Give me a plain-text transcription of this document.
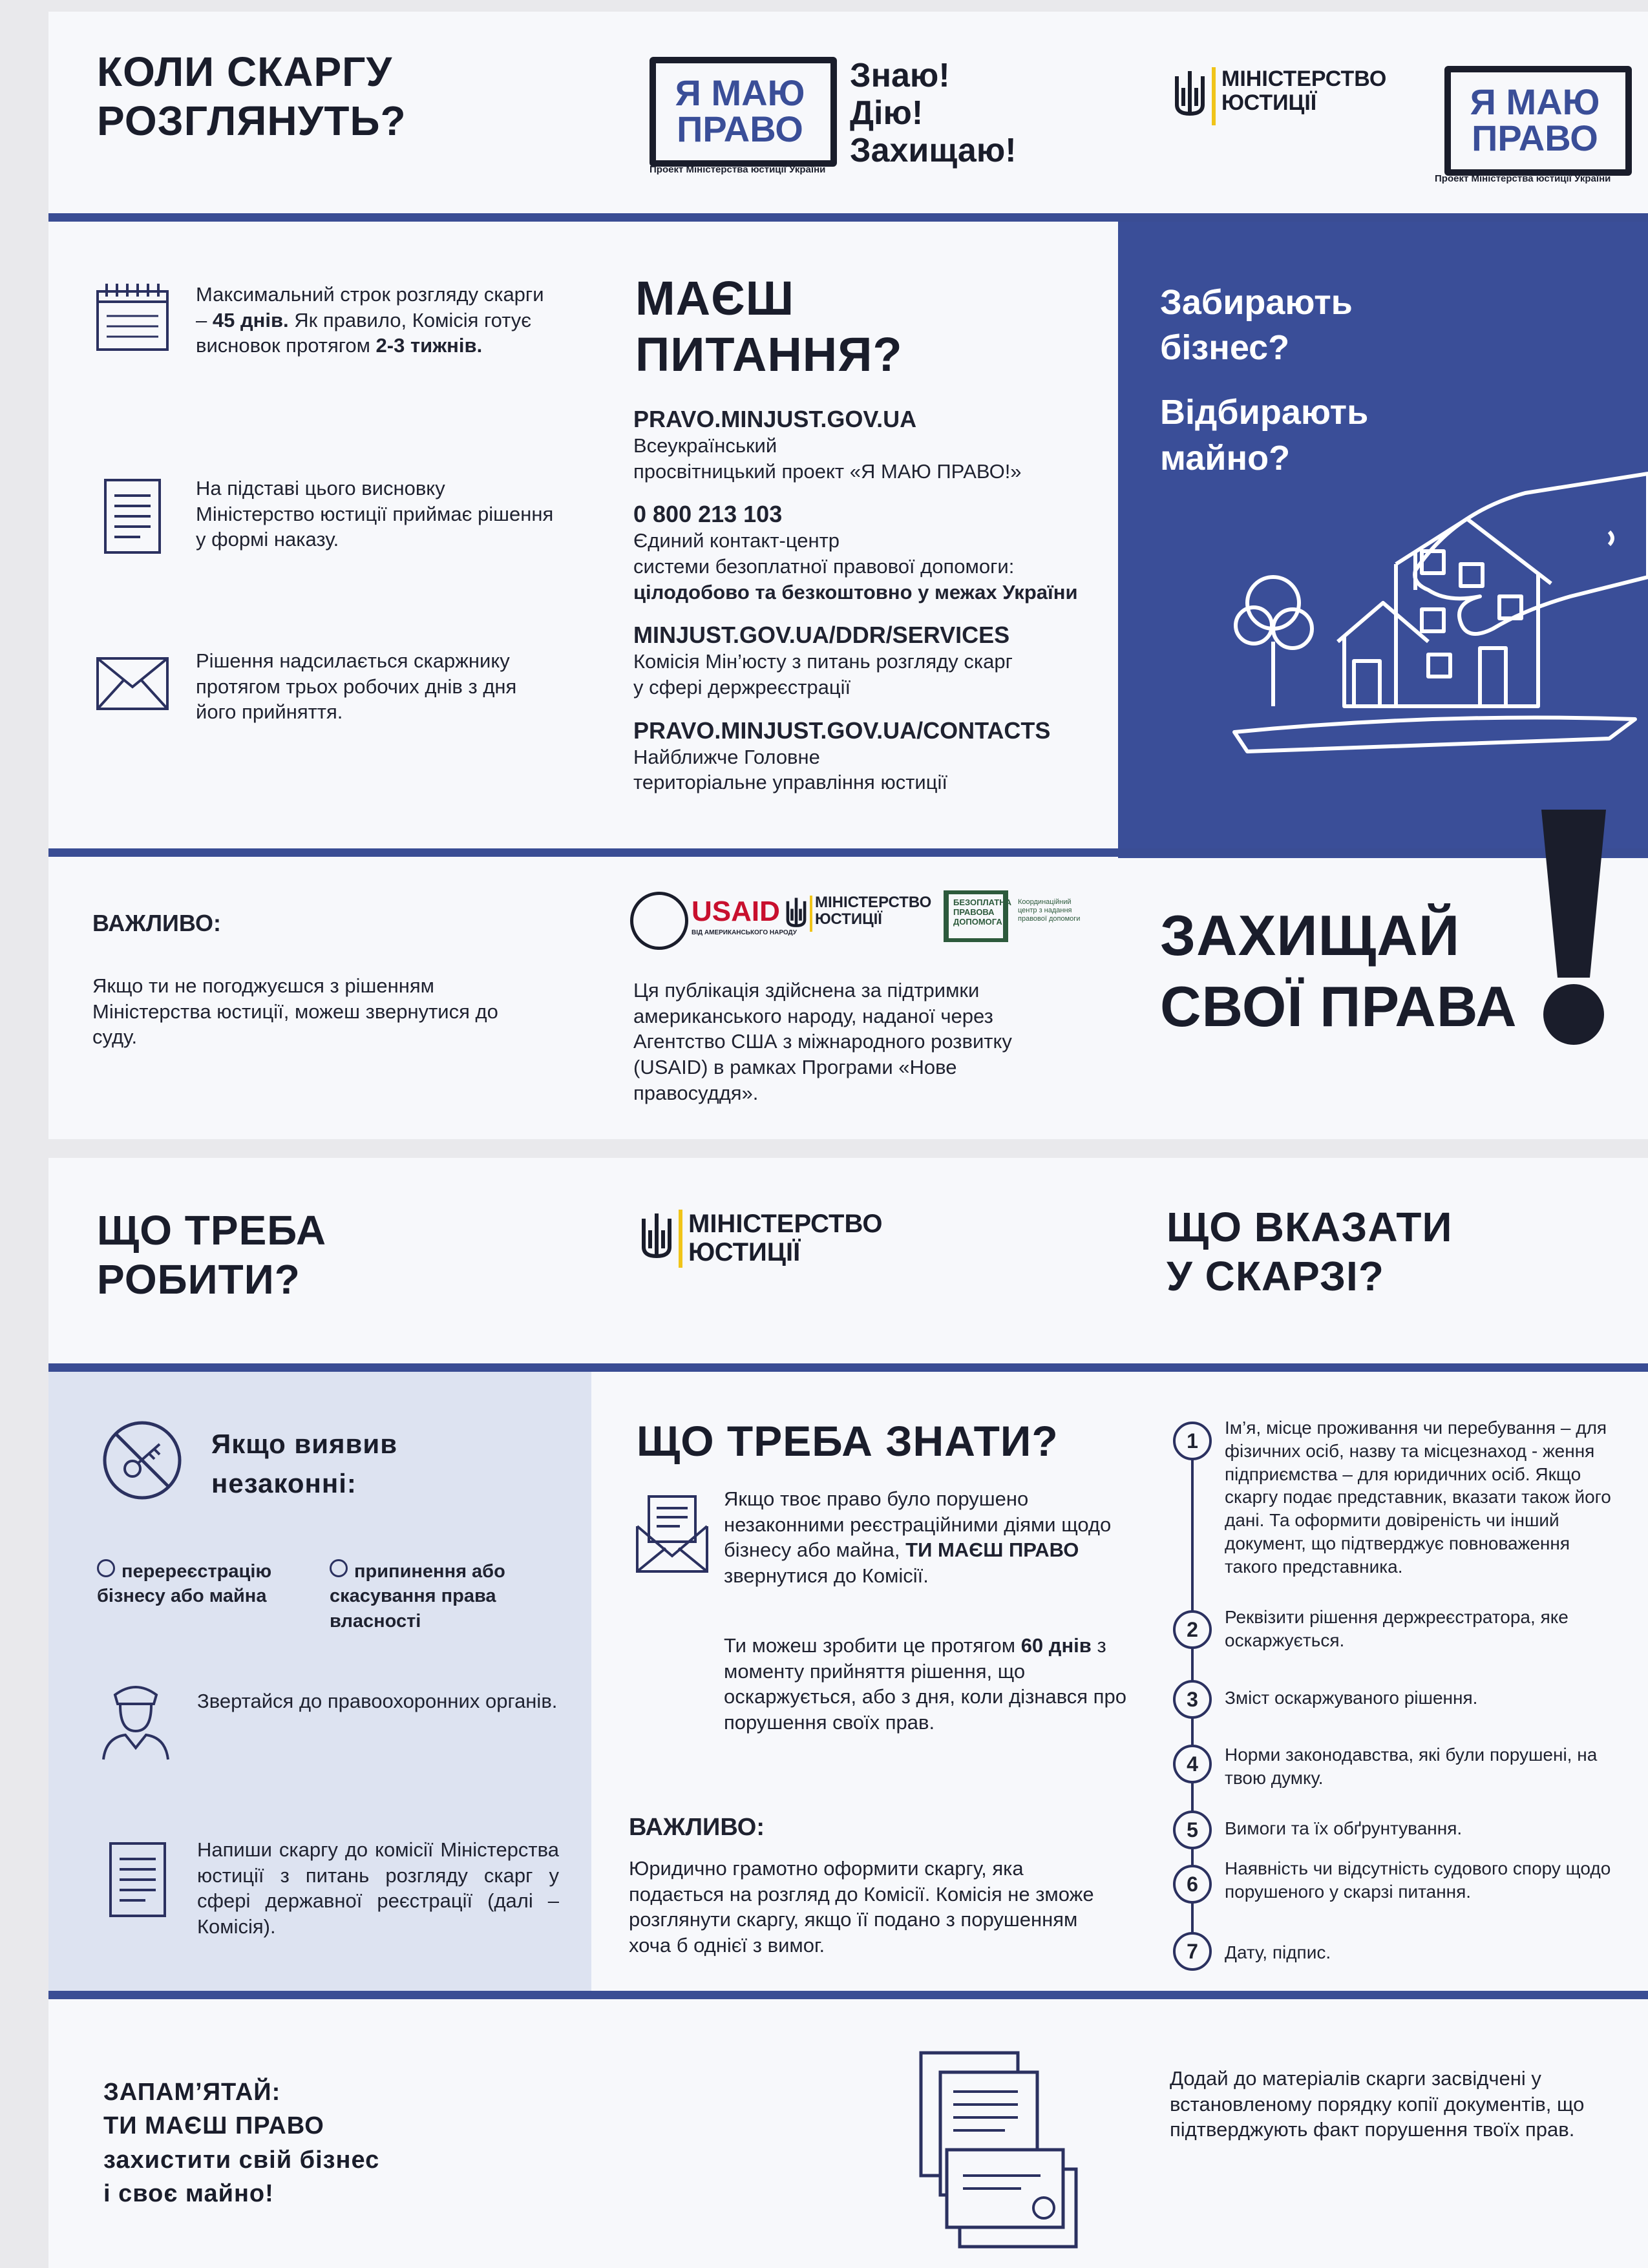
КОЛИ СКАРГУ
РОЗГЛЯНУТЬ?
Я МАЮ
ПРАВО
Проект Міністерства юстиції України
Знаю!
Дію!
Захищаю!
МІНІСТЕРСТВО
ЮСТИЦІЇ	Я МАЮ
ПРАВО
Проект Міністерства юстиції України
Максимальний строк розгляду скарги – 45 днів. Як правило, Комісія готує висновок протягом 2-3 тижнів.
На підставі цього висновку Міністерство юстиції приймає рішення у формі наказу.
Рішення надсилається скаржнику протягом трьох робочих днів з дня його прийняття.
МАЄШ
ПИТАННЯ?
PRAVO.MINJUST.GOV.UA
Всеукраїнський
просвітницький проект «Я МАЮ ПРАВО!»
0 800 213 103
Єдиний контакт-центр
системи безоплатної правової допомоги:
цілодобово та безкоштовно у межах України
MINJUST.GOV.UA/DDR/SERVICES
Комісія Мін’юсту з питань розгляду скарг
у сфері держреєстрації
PRAVO.MINJUST.GOV.UA/CONTACTS
Найближче Головне
територіальне управління юстиції
Забирають
бізнес?
Відбирають
майно?
ВАЖЛИВО:
Якщо ти не погоджуєшся з рішенням Міністерства юстиції, можеш звернутися до суду.
USAID
ВІД АМЕРИКАНСЬКОГО НАРОДУ
МІНІСТЕРСТВО
ЮСТИЦІЇ
БЕЗОПЛАТНА
ПРАВОВА
ДОПОМОГА
Координаційний
центр з надання
правової допомоги
Ця публікація здійснена за підтримки американського народу, наданої через Агентство США з міжнародного розвитку (USAID) в рамках Програми «Нове правосуддя».
ЗАХИЩАЙ
СВОЇ ПРАВА
ЩО ТРЕБА
РОБИТИ?
МІНІСТЕРСТВО
ЮСТИЦІЇ
ЩО ВКАЗАТИ
У СКАРЗІ?
Якщо виявив
незаконні:
перереєстрацію бізнесу або майна
припинення або скасування права власності
Звертайся до правоохоронних органів.
Напиши скаргу до комісії Міністерства юстиції з питань розгляду скарг у сфері державної реєстрації (далі – Комісія).
ЩО ТРЕБА ЗНАТИ?
Якщо твоє право було порушено незаконними реєстраційними діями щодо бізнесу або майна, ТИ МАЄШ ПРАВО звернутися до Комісії.
Ти можеш зробити це протягом 60 днів з моменту прийняття рішення, що оскаржується, або з дня, коли дізнався про порушення своїх прав.
ВАЖЛИВО:
Юридично грамотно оформити скаргу, яка подається на розгляд до Комісії. Комісія не зможе розглянути скаргу, якщо її подано з порушенням хоча б однієї з вимог.
1
Ім’я, місце проживання чи перебування – для фізичних осіб, назву та місцезнаход - ження підприємства – для юридичних осіб. Якщо скаргу подає представник, вказати також його дані. Та оформити довіреність чи інший документ, що підтверджує повноваження такого представника.
2
Реквізити рішення держреєстратора, яке оскаржується.
3	Зміст оскаржуваного рішення.
4	Норми законодавства, які були порушені, на твою думку.
5	Вимоги та їх обґрунтування.
6
Наявність чи відсутність судового спору щодо порушеного у скарзі питання.
7	Дату, підпис.
ЗАПАМ’ЯТАЙ:
ТИ МАЄШ ПРАВО
захистити свій бізнес
і своє майно!
Додай до матеріалів скарги засвідчені у встановленому порядку копії документів, що підтверджують факт порушення твоїх прав.
